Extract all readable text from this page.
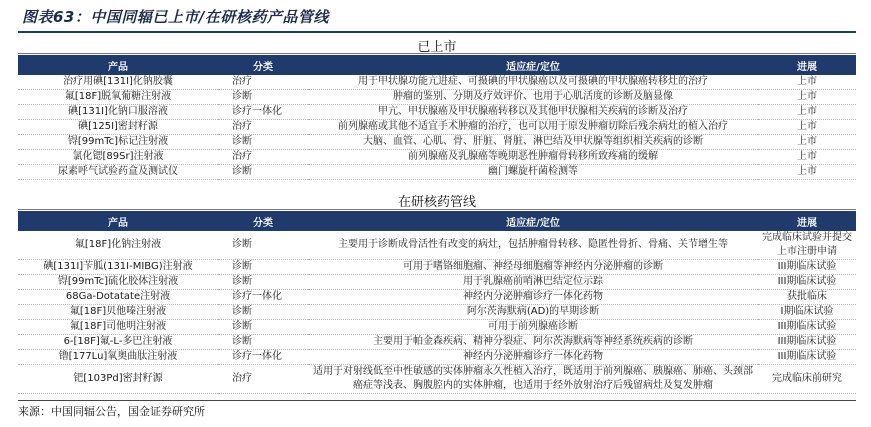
图表63：中国同辐已上市/在研核药产品管线
已上市
产品	分类	适应症/定位	进展
治疗用碘[131I]化钠胶囊	治疗	用于甲状腺功能亢进症、可摄碘的甲状腺癌以及可摄碘的甲状腺癌转移灶的治疗	上市
氟[18F]脱氧葡糖注射液	诊断	肿瘤的鉴别、分期及疗效评价、也用于心肌活度的诊断及脑显像	上市
碘[131I]化钠口服溶液	诊疗一体化	甲亢、甲状腺癌及甲状腺癌转移以及其他甲状腺相关疾病的诊断及治疗	上市
碘[125I]密封籽源	治疗	前列腺癌或其他不适宜手术肿瘤的治疗，也可以用于原发肿瘤切除后残余病灶的植入治疗	上市
锝[99mTc]标记注射液	诊断	大脑、血管、心肌、骨、肝脏、肾脏、淋巴结及甲状腺等组织相关疾病的诊断	上市
氯化锶[89Sr]注射液	治疗	前列腺癌及乳腺癌等晚期恶性肿瘤骨转移所致疼痛的缓解	上市
尿素呼气试验药盒及测试仪	诊断	幽门螺旋杆菌检测等	上市
在研核药管线
产品	分类	适应症/定位	进展
氟[18F]化钠注射液	诊断	主要用于诊断成骨活性有改变的病灶，包括肿瘤骨转移、隐匿性骨折、骨痛、关节增生等	完成临床试验并提交上市注册申请
碘[131I]苄胍(131I-MIBG)注射液	诊断	可用于嗜铬细胞瘤、神经母细胞瘤等神经内分泌肿瘤的诊断	III期临床试验
锝[99mTc]硫化胶体注射液	诊断	用于乳腺癌前哨淋巴结定位示踪	III期临床试验
68Ga-Dotatate注射液	诊疗一体化	神经内分泌肿瘤诊疗一体化药物	获批临床
氟[18F]贝他嗪注射液	诊断	阿尔茨海默病(AD)的早期诊断	I期临床试验
氟[18F]司他明注射液	诊断	可用于前列腺癌诊断	III期临床试验
6-[18F]氟-L-多巴注射液	诊断	主要用于帕金森疾病、精神分裂症、阿尔茨海默病等神经系统疾病的诊断	III期临床试验
镥[177Lu]氧奥曲肽注射液	诊疗一体化	神经内分泌肿瘤诊疗一体化药物	III期临床试验
钯[103Pd]密封籽源	治疗	适用于对射线低至中性敏感的实体肿瘤永久性植入治疗，既适用于前列腺癌、胰腺癌、肺癌、头颈部癌症等浅表、胸腹腔内的实体肿瘤，也适用于经外放射治疗后残留病灶及复发肿瘤	完成临床前研究
来源：中国同辐公告，国金证券研究所
